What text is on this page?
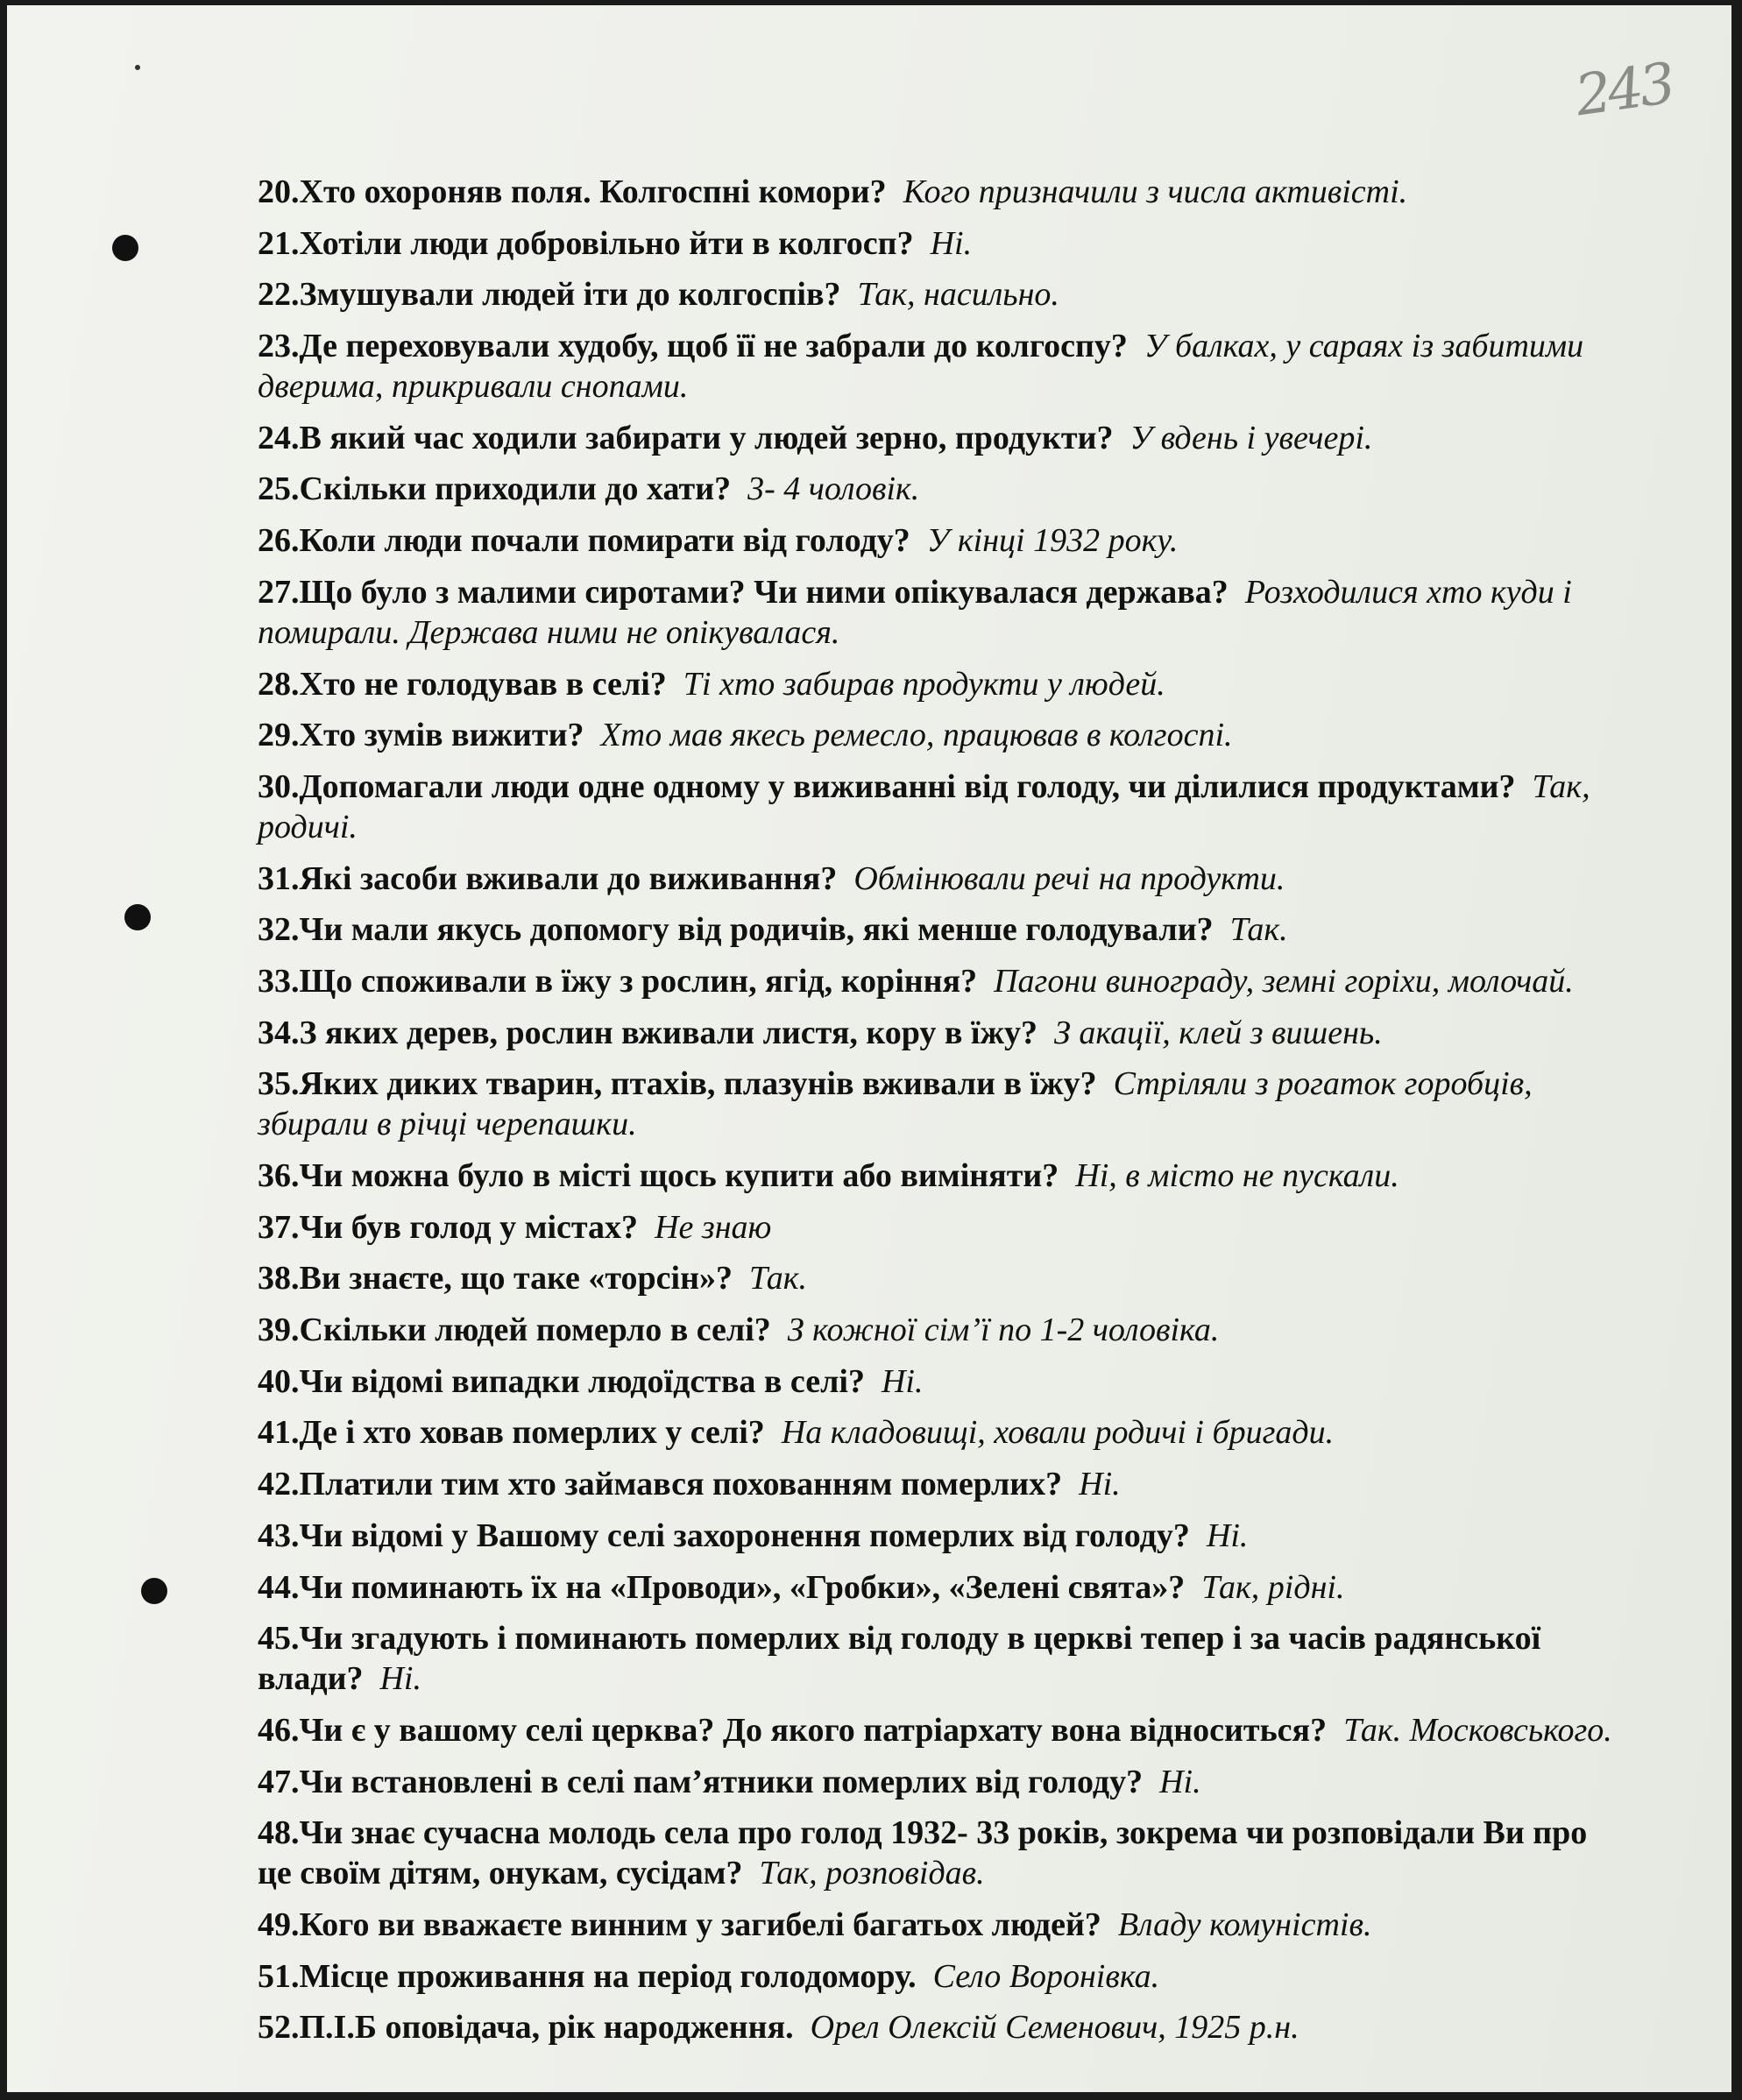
243

20.Хто охороняв поля. Колгоспні комори? Кого призначили з числа активісті.

21.Хотіли люди добровільно йти в колгосп? Ні.

22.Змушували людей іти до колгоспів? Так, насильно.

23.Де переховували худобу, щоб її не забрали до колгоспу? У балках, у сараях із забитими дверима, прикривали снопами.

24.В який час ходили забирати у людей зерно, продукти? У вдень і увечері.

25.Скільки приходили до хати? 3- 4 чоловік.

26.Коли люди почали помирати від голоду? У кінці 1932 року.

27.Що було з малими сиротами? Чи ними опікувалася держава? Розходилися хто куди і помирали. Держава ними не опікувалася.

28.Хто не голодував в селі? Ті хто забирав продукти у людей.

29.Хто зумів вижити? Хто мав якесь ремесло, працював в колгоспі.

30.Допомагали люди одне одному у виживанні від голоду, чи ділилися продуктами? Так, родичі.

31.Які засоби вживали до виживання? Обмінювали речі на продукти.

32.Чи мали якусь допомогу від родичів, які менше голодували? Так.

33.Що споживали в їжу з рослин, ягід, коріння? Пагони винограду, земні горіхи, молочай.

34.З яких дерев, рослин вживали листя, кору в їжу? З акації, клей з вишень.

35.Яких диких тварин, птахів, плазунів вживали в їжу? Стріляли з рогаток горобців, збирали в річці черепашки.

36.Чи можна було в місті щось купити або виміняти? Ні, в місто не пускали.

37.Чи був голод у містах? Не знаю

38.Ви знаєте, що таке «торсін»? Так.

39.Скільки людей померло в селі? З кожної сім’ї по 1-2 чоловіка.

40.Чи відомі випадки людоїдства в селі? Ні.

41.Де і хто ховав померлих у селі? На кладовищі, ховали родичі і бригади.

42.Платили тим хто займався похованням померлих? Ні.

43.Чи відомі у Вашому селі захоронення померлих від голоду? Ні.

44.Чи поминають їх на «Проводи», «Гробки», «Зелені свята»? Так, рідні.

45.Чи згадують і поминають померлих від голоду в церкві тепер і за часів радянської влади? Ні.

46.Чи є у вашому селі церква? До якого патріархату вона відноситься? Так. Московського.

47.Чи встановлені в селі пам’ятники померлих від голоду? Ні.

48.Чи знає сучасна молодь села про голод 1932- 33 років, зокрема чи розповідали Ви про це своїм дітям, онукам, сусідам? Так, розповідав.

49.Кого ви вважаєте винним у загибелі багатьох людей? Владу комуністів.

51.Місце проживання на період голодомору. Село Воронівка.

52.П.І.Б оповідача, рік народження. Орел Олексій Семенович, 1925 р.н.
